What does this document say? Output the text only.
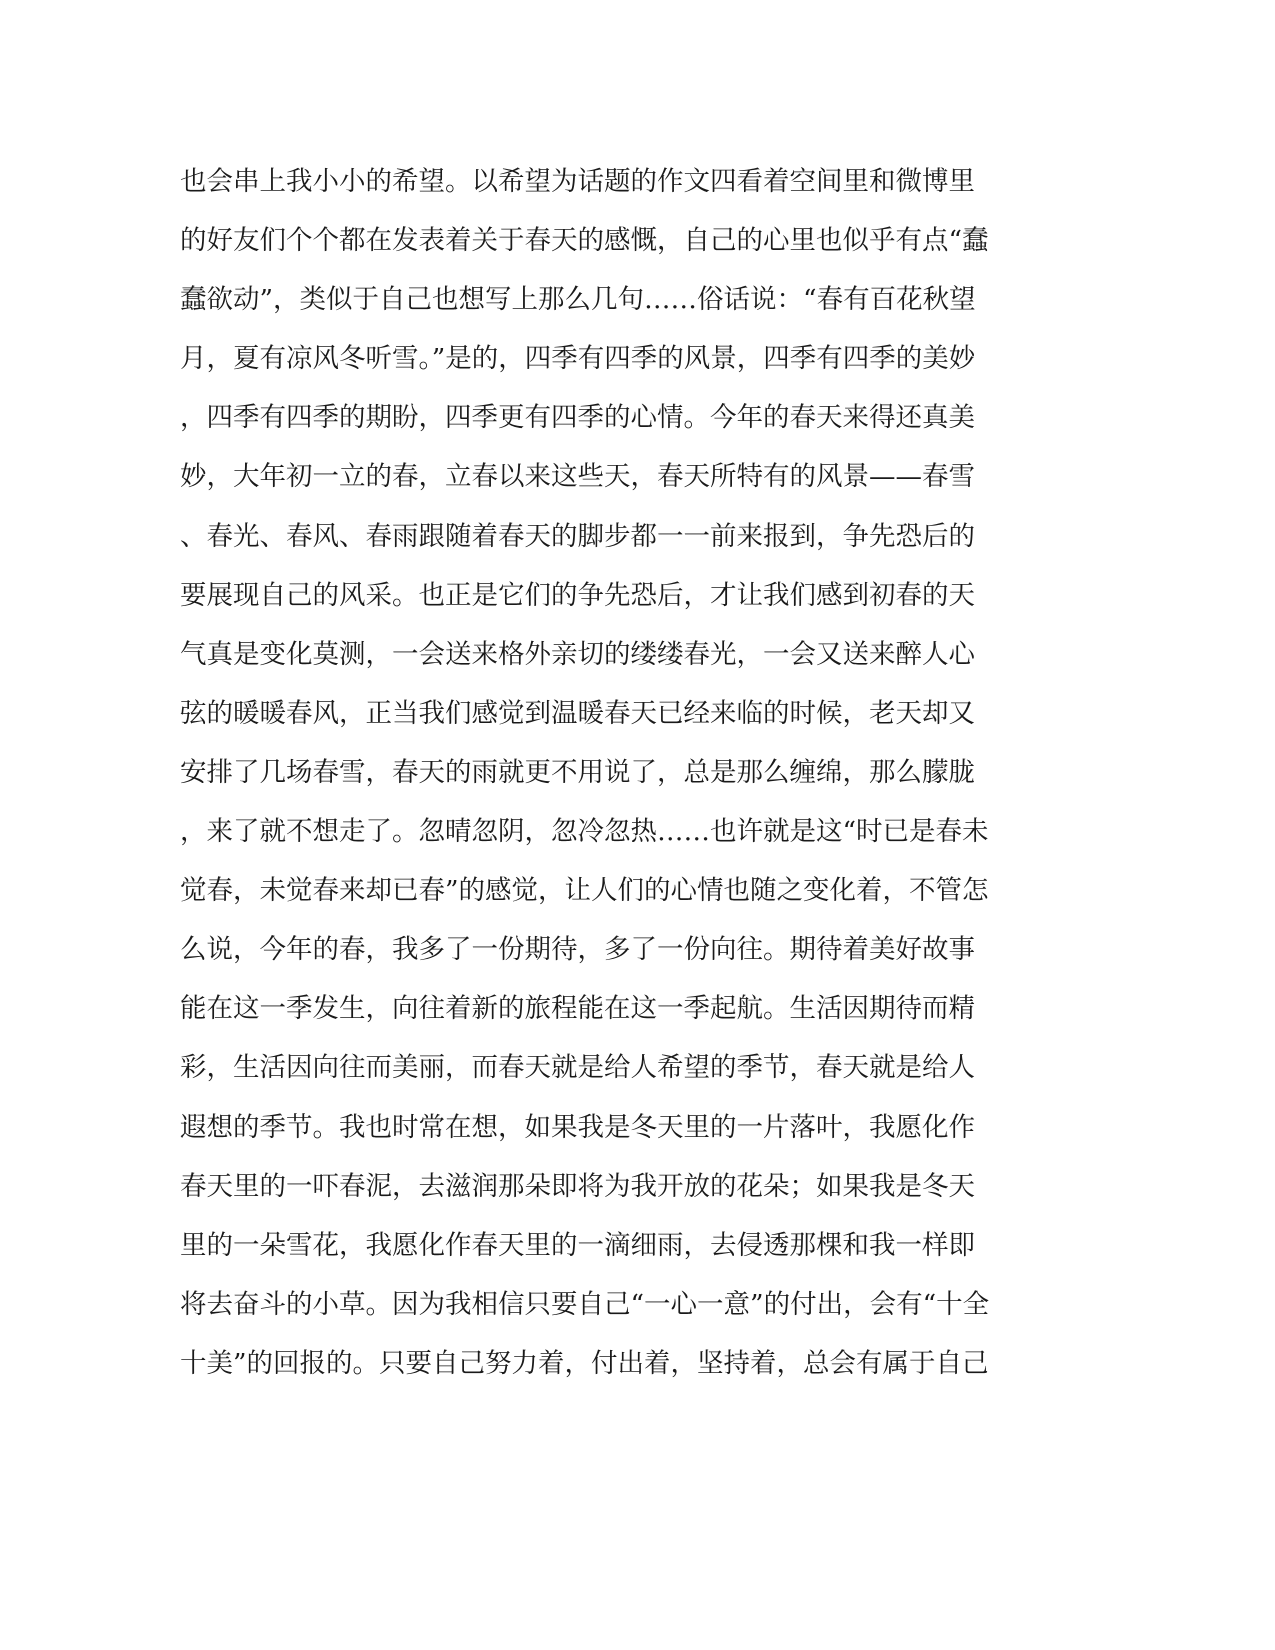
也会串上我小小的希望。以希望为话题的作文四看着空间里和微博里
的好友们个个都在发表着关于春天的感慨，自己的心里也似乎有点“蠢
蠢欲动”，类似于自己也想写上那么几句……俗话说：“春有百花秋望
月，夏有凉风冬听雪。”是的，四季有四季的风景，四季有四季的美妙
，四季有四季的期盼，四季更有四季的心情。今年的春天来得还真美
妙，大年初一立的春，立春以来这些天，春天所特有的风景——春雪
、春光、春风、春雨跟随着春天的脚步都一一前来报到，争先恐后的
要展现自己的风采。也正是它们的争先恐后，才让我们感到初春的天
气真是变化莫测，一会送来格外亲切的缕缕春光，一会又送来醉人心
弦的暖暖春风，正当我们感觉到温暖春天已经来临的时候，老天却又
安排了几场春雪，春天的雨就更不用说了，总是那么缠绵，那么朦胧
，来了就不想走了。忽晴忽阴，忽冷忽热……也许就是这“时已是春未
觉春，未觉春来却已春”的感觉，让人们的心情也随之变化着，不管怎
么说，今年的春，我多了一份期待，多了一份向往。期待着美好故事
能在这一季发生，向往着新的旅程能在这一季起航。生活因期待而精
彩，生活因向往而美丽，而春天就是给人希望的季节，春天就是给人
遐想的季节。我也时常在想，如果我是冬天里的一片落叶，我愿化作
春天里的一吓春泥，去滋润那朵即将为我开放的花朵；如果我是冬天
里的一朵雪花，我愿化作春天里的一滴细雨，去侵透那棵和我一样即
将去奋斗的小草。因为我相信只要自己“一心一意”的付出，会有“十全
十美”的回报的。只要自己努力着，付出着，坚持着，总会有属于自己
